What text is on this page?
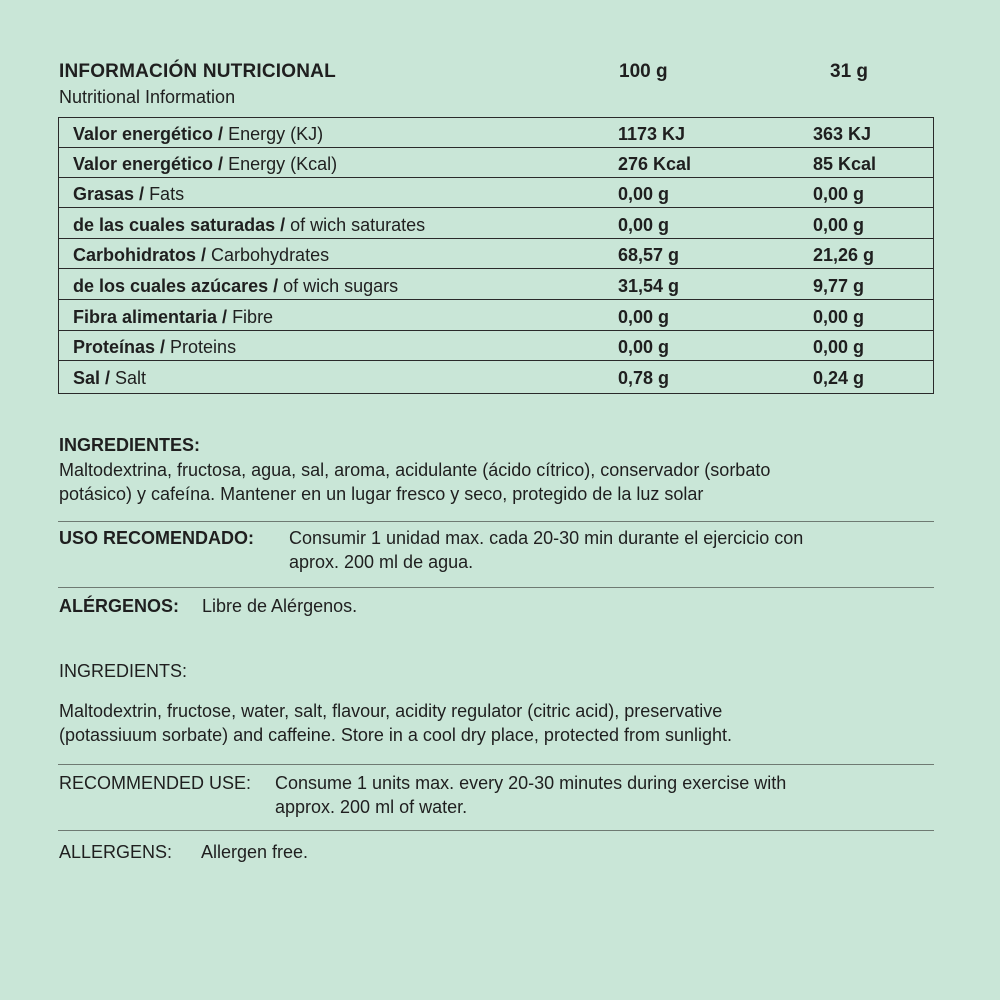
INFORMACIÓN NUTRICIONAL
Nutritional Information
100 g	31 g
Valor energético / Energy (KJ)	1173 KJ	363 KJ
Valor energético / Energy (Kcal)	276 Kcal	85 Kcal
Grasas / Fats	0,00 g	0,00 g
de las cuales saturadas / of wich saturates	0,00 g	0,00 g
Carbohidratos / Carbohydrates	68,57 g	21,26 g
de los cuales azúcares / of wich sugars	31,54 g	9,77 g
Fibra alimentaria / Fibre	0,00 g	0,00 g
Proteínas / Proteins	0,00 g	0,00 g
Sal / Salt	0,78 g	0,24 g
INGREDIENTES:
Maltodextrina, fructosa, agua, sal, aroma, acidulante (ácido cítrico), conservador (sorbato
potásico) y cafeína. Mantener en un lugar fresco y seco, protegido de la luz solar
USO RECOMENDADO: Consumir 1 unidad max. cada 20-30 min durante el ejercicio con
aprox. 200 ml de agua.
ALÉRGENOS: Libre de Alérgenos.
INGREDIENTS:
Maltodextrin, fructose, water, salt, flavour, acidity regulator (citric acid), preservative
(potassiuum sorbate) and caffeine. Store in a cool dry place, protected from sunlight.
RECOMMENDED USE: Consume 1 units max. every 20-30 minutes during exercise with
approx. 200 ml of water.
ALLERGENS: Allergen free.
